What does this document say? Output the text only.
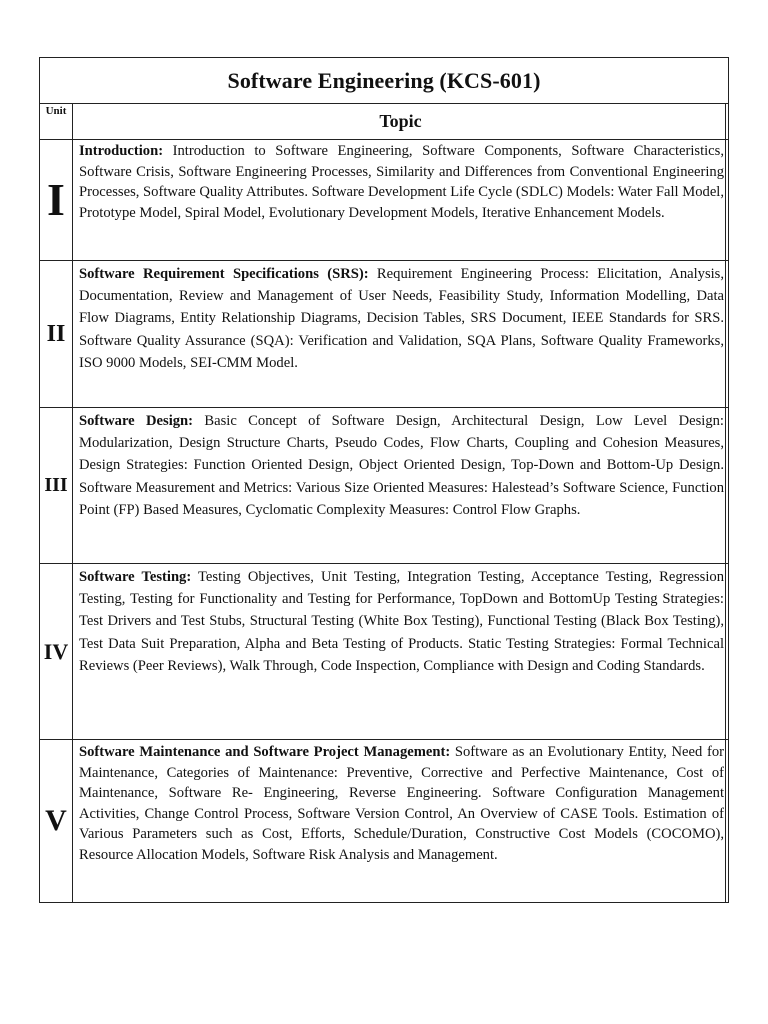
Software Engineering (KCS-601)
Unit	Topic
I
Introduction: Introduction to Software Engineering, Software Components, Software Characteristics, Software Crisis, Software Engineering Processes, Similarity and Differences from Conventional Engineering Processes, Software Quality Attributes. Software Development Life Cycle (SDLC) Models: Water Fall Model, Prototype Model, Spiral Model, Evolutionary Development Models, Iterative Enhancement Models.
II
Software Requirement Specifications (SRS): Requirement Engineering Process: Elicitation, Analysis, Documentation, Review and Management of User Needs, Feasibility Study, Information Modelling, Data Flow Diagrams, Entity Relationship Diagrams, Decision Tables, SRS Document, IEEE Standards for SRS. Software Quality Assurance (SQA): Verification and Validation, SQA Plans, Software Quality Frameworks, ISO 9000 Models, SEI-CMM Model.
III
Software Design: Basic Concept of Software Design, Architectural Design, Low Level Design: Modularization, Design Structure Charts, Pseudo Codes, Flow Charts, Coupling and Cohesion Measures, Design Strategies: Function Oriented Design, Object Oriented Design, Top-Down and Bottom-Up Design. Software Measurement and Metrics: Various Size Oriented Measures: Halestead’s Software Science, Function Point (FP) Based Measures, Cyclomatic Complexity Measures: Control Flow Graphs.
IV
Software Testing: Testing Objectives, Unit Testing, Integration Testing, Acceptance Testing, Regression Testing, Testing for Functionality and Testing for Performance, TopDown and BottomUp Testing Strategies: Test Drivers and Test Stubs, Structural Testing (White Box Testing), Functional Testing (Black Box Testing), Test Data Suit Preparation, Alpha and Beta Testing of Products. Static Testing Strategies: Formal Technical Reviews (Peer Reviews), Walk Through, Code Inspection, Compliance with Design and Coding Standards.
V
Software Maintenance and Software Project Management: Software as an Evolutionary Entity, Need for Maintenance, Categories of Maintenance: Preventive, Corrective and Perfective Maintenance, Cost of Maintenance, Software Re- Engineering, Reverse Engineering. Software Configuration Management Activities, Change Control Process, Software Version Control, An Overview of CASE Tools. Estimation of Various Parameters such as Cost, Efforts, Schedule/Duration, Constructive Cost Models (COCOMO), Resource Allocation Models, Software Risk Analysis and Management.
